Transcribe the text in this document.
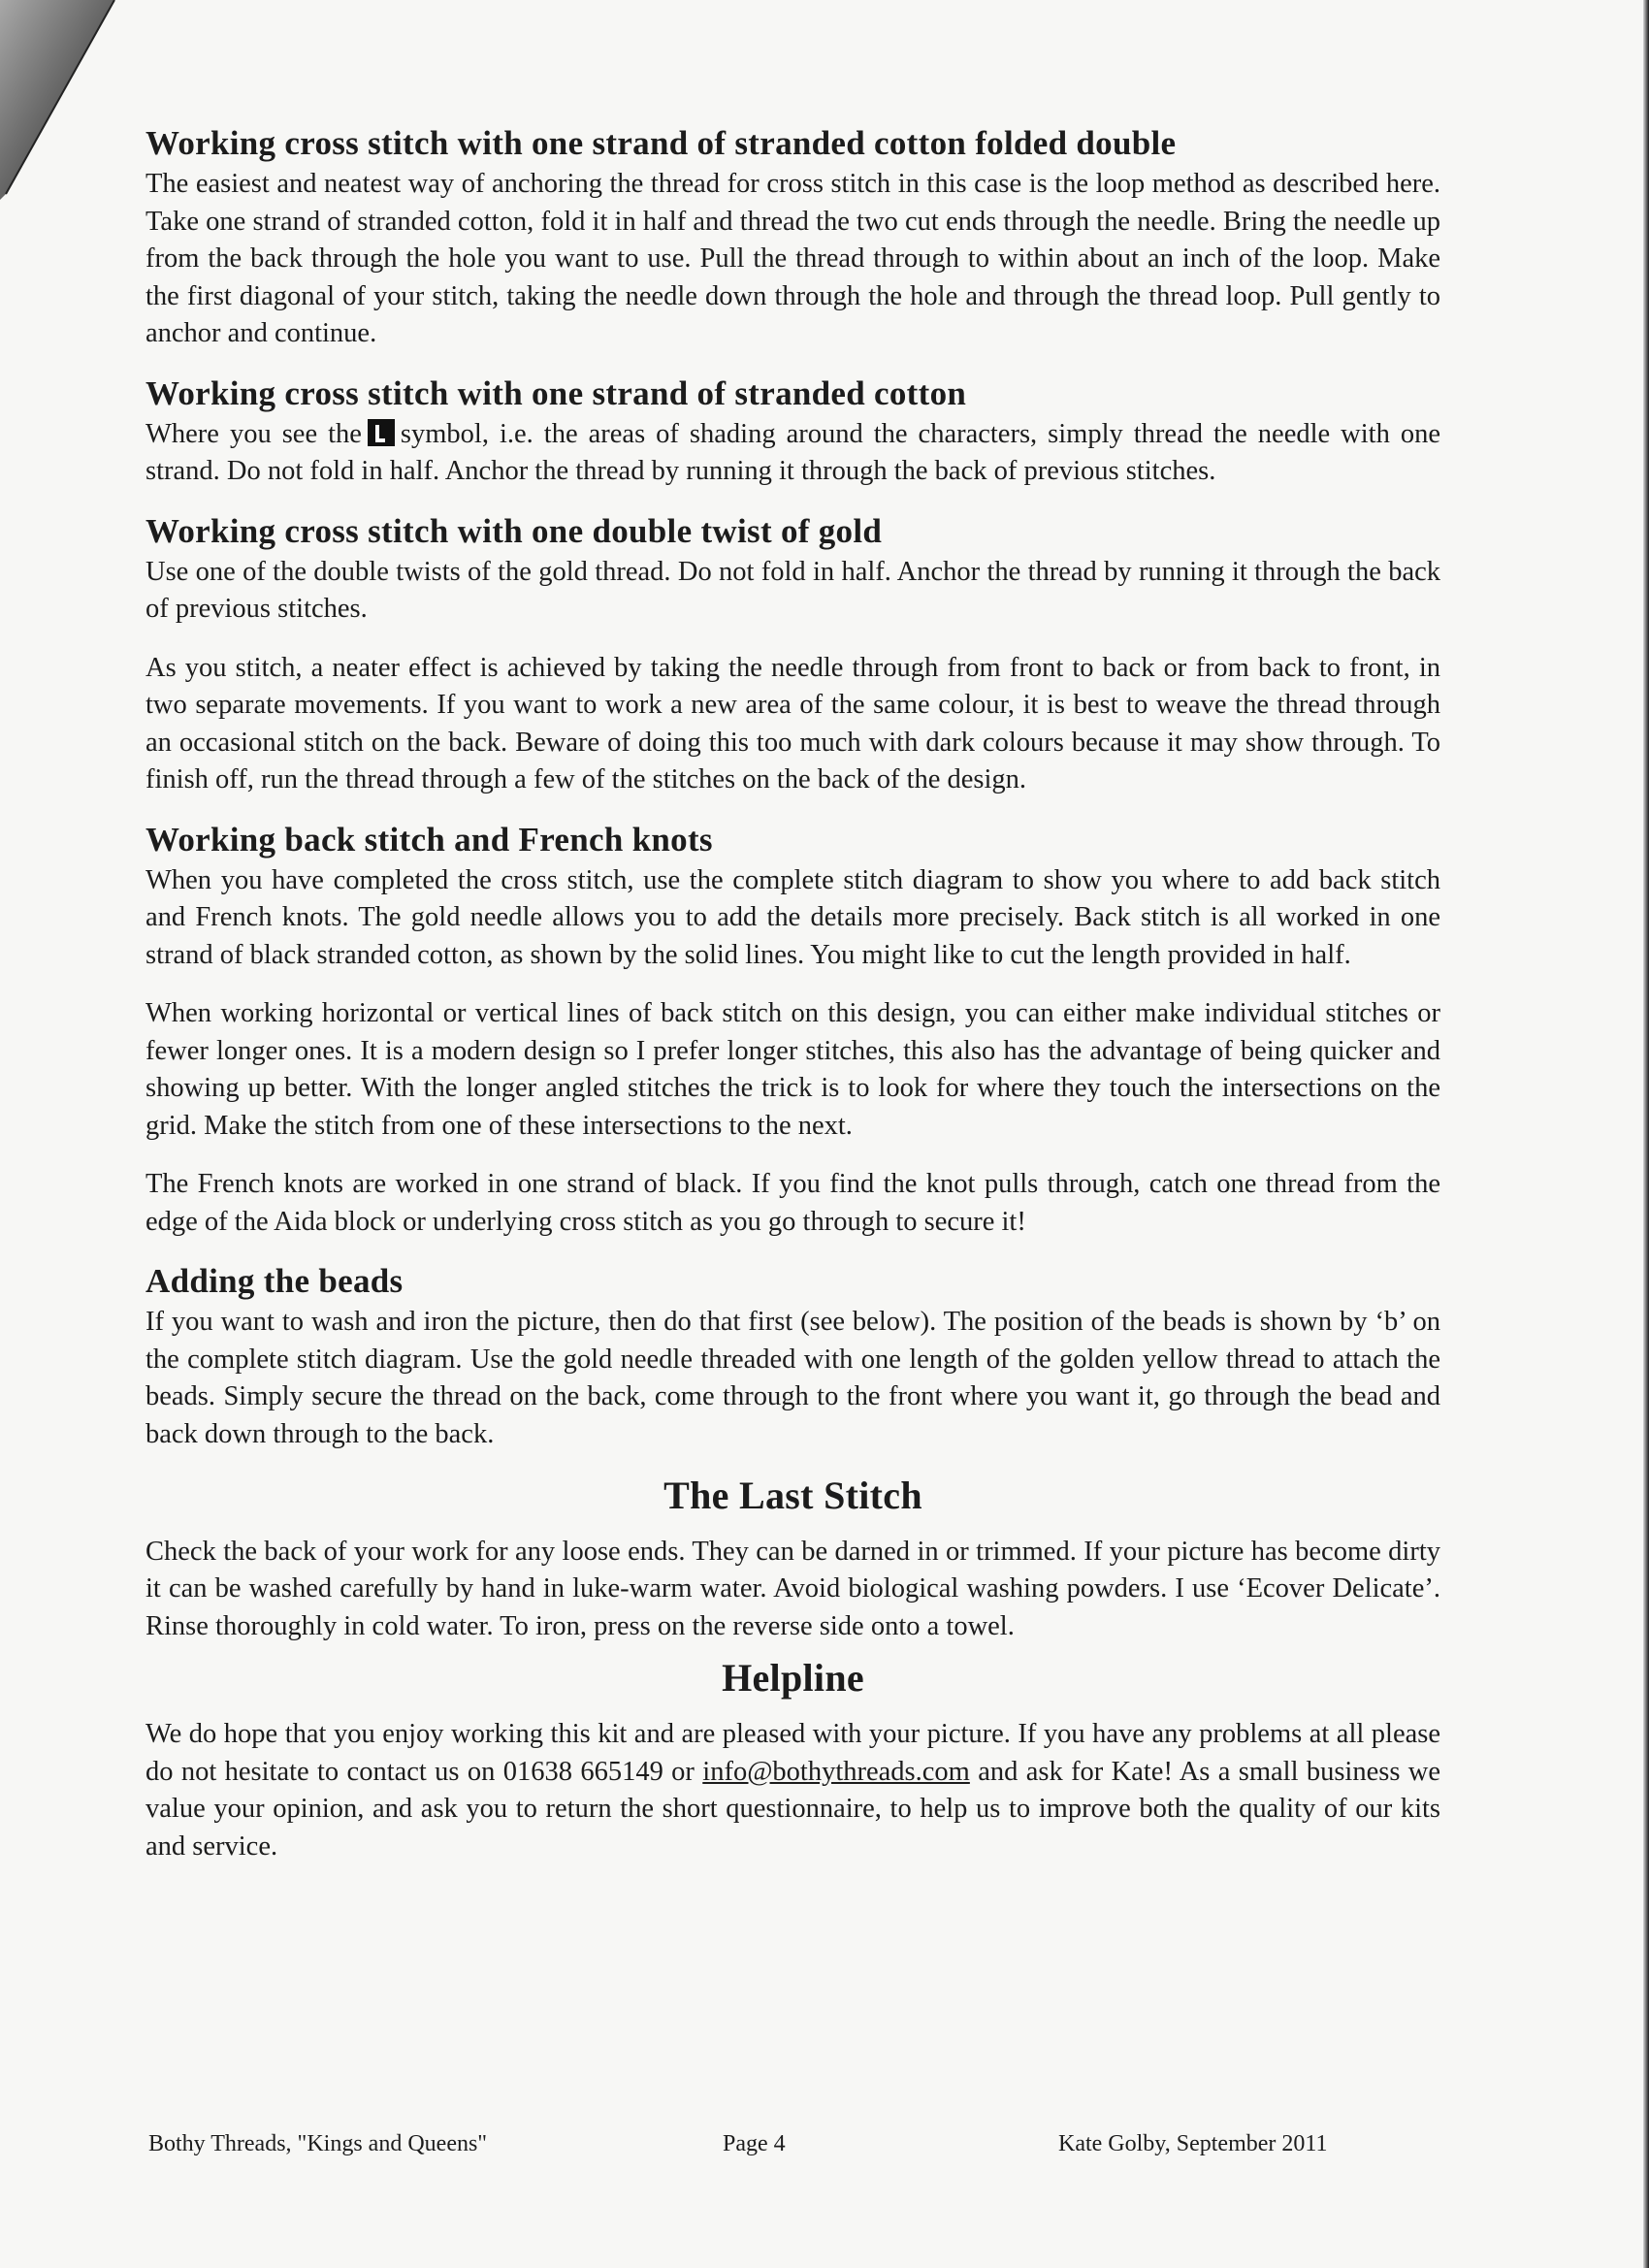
Working cross stitch with one strand of stranded cotton folded double

The easiest and neatest way of anchoring the thread for cross stitch in this case is the loop method as described here. Take one strand of stranded cotton, fold it in half and thread the two cut ends through the needle. Bring the needle up from the back through the hole you want to use. Pull the thread through to within about an inch of the loop. Make the first diagonal of your stitch, taking the needle down through the hole and through the thread loop. Pull gently to anchor and continue.

Working cross stitch with one strand of stranded cotton

Where you see the symbol, i.e. the areas of shading around the characters, simply thread the needle with one strand. Do not fold in half. Anchor the thread by running it through the back of previous stitches.

Working cross stitch with one double twist of gold

Use one of the double twists of the gold thread. Do not fold in half. Anchor the thread by running it through the back of previous stitches.

As you stitch, a neater effect is achieved by taking the needle through from front to back or from back to front, in two separate movements. If you want to work a new area of the same colour, it is best to weave the thread through an occasional stitch on the back. Beware of doing this too much with dark colours because it may show through. To finish off, run the thread through a few of the stitches on the back of the design.

Working back stitch and French knots

When you have completed the cross stitch, use the complete stitch diagram to show you where to add back stitch and French knots. The gold needle allows you to add the details more precisely. Back stitch is all worked in one strand of black stranded cotton, as shown by the solid lines. You might like to cut the length provided in half.

When working horizontal or vertical lines of back stitch on this design, you can either make individual stitches or fewer longer ones. It is a modern design so I prefer longer stitches, this also has the advantage of being quicker and showing up better. With the longer angled stitches the trick is to look for where they touch the intersections on the grid. Make the stitch from one of these intersections to the next.

The French knots are worked in one strand of black. If you find the knot pulls through, catch one thread from the edge of the Aida block or underlying cross stitch as you go through to secure it!

Adding the beads

If you want to wash and iron the picture, then do that first (see below). The position of the beads is shown by ‘b’ on the complete stitch diagram. Use the gold needle threaded with one length of the golden yellow thread to attach the beads. Simply secure the thread on the back, come through to the front where you want it, go through the bead and back down through to the back.

The Last Stitch

Check the back of your work for any loose ends. They can be darned in or trimmed. If your picture has become dirty it can be washed carefully by hand in luke-warm water. Avoid biological washing powders. I use ‘Ecover Delicate’. Rinse thoroughly in cold water. To iron, press on the reverse side onto a towel.

Helpline

We do hope that you enjoy working this kit and are pleased with your picture. If you have any problems at all please do not hesitate to contact us on 01638 665149 or info@bothythreads.com and ask for Kate! As a small business we value your opinion, and ask you to return the short questionnaire, to help us to improve both the quality of our kits and service.

Bothy Threads, "Kings and Queens"	Page 4	Kate Golby, September 2011
